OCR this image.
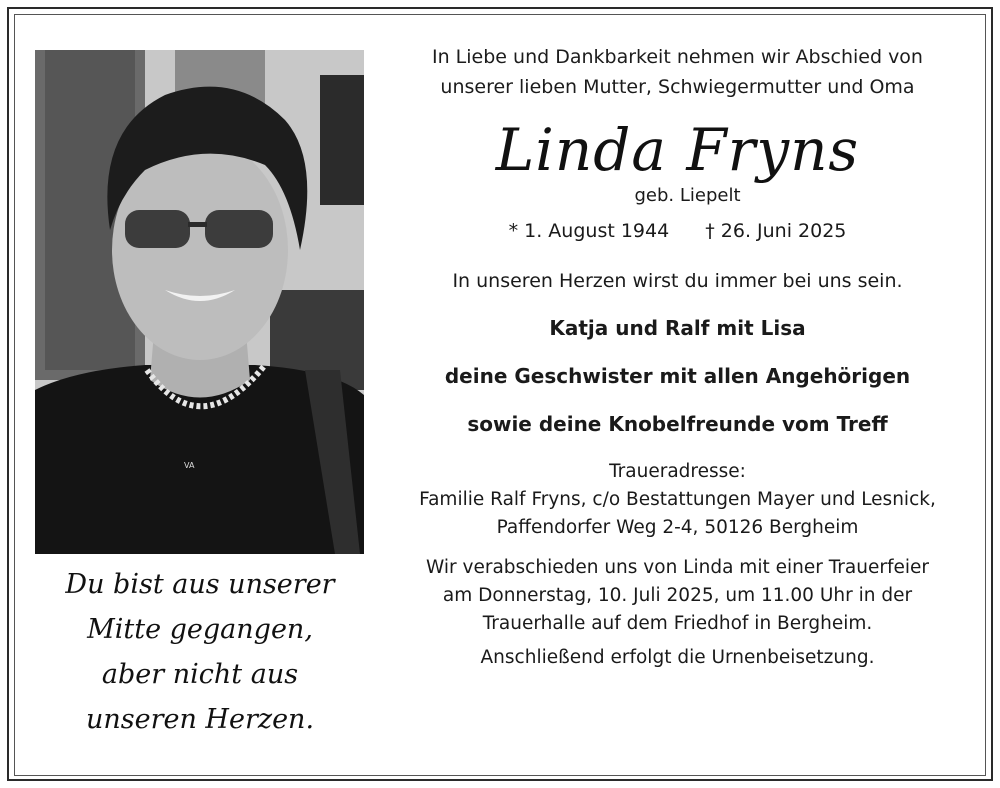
VA
Du bist aus unserer
Mitte gegangen,
aber nicht aus
unseren Herzen.
In Liebe und Dankbarkeit nehmen wir Abschied von
unserer lieben Mutter, Schwiegermutter und Oma
Linda Fryns
geb. Liepelt
* 1. August 1944 † 26. Juni 2025
In unseren Herzen wirst du immer bei uns sein.
Katja und Ralf mit Lisa
deine Geschwister mit allen Angehörigen
sowie deine Knobelfreunde vom Treff
Traueradresse:
Familie Ralf Fryns, c/o Bestattungen Mayer und Lesnick,
Paffendorfer Weg 2-4, 50126 Bergheim
Wir verabschieden uns von Linda mit einer Trauerfeier
am Donnerstag, 10. Juli 2025, um 11.00 Uhr in der
Trauerhalle auf dem Friedhof in Bergheim.
Anschließend erfolgt die Urnenbeisetzung.
